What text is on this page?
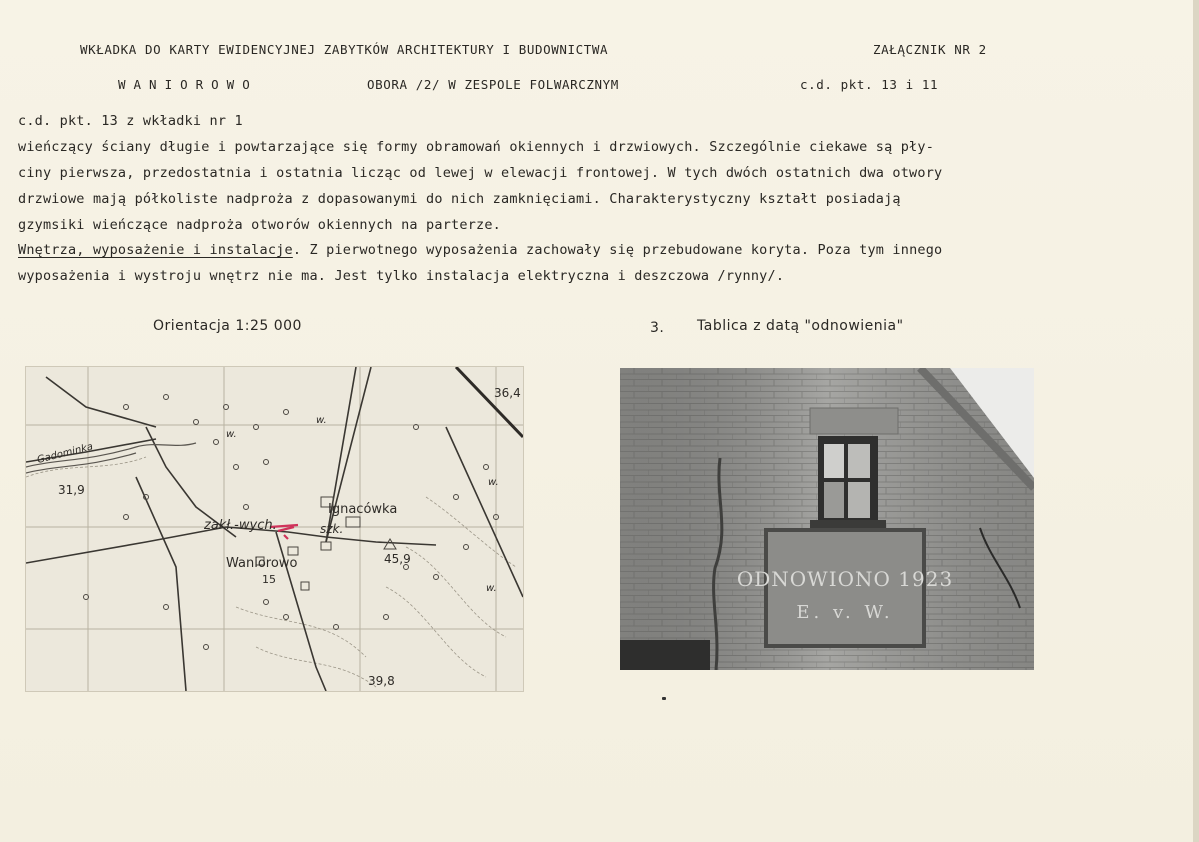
WKŁADKA DO KARTY EWIDENCYJNEJ ZABYTKÓW ARCHITEKTURY I BUDOWNICTWA	ZAŁĄCZNIK NR 2
WANIOROWO	OBORA /2/ W ZESPOLE FOLWARCZNYM	c.d. pkt. 13 i 11
c.d. pkt. 13 z wkładki nr 1
wieńczący ściany długie i powtarzające się formy obramowań okiennych i drzwiowych. Szczególnie ciekawe są pły-
ciny pierwsza, przedostatnia i ostatnia licząc od lewej w elewacji frontowej. W tych dwóch ostatnich dwa otwory
drzwiowe mają półkoliste nadproża z dopasowanymi do nich zamknięciami. Charakterystyczny kształt posiadają
gzymsiki wieńczące nadproża otworów okiennych na parterze.
Wnętrza, wyposażenie i instalacje. Z pierwotnego wyposażenia zachowały się przebudowane koryta. Poza tym innego
wyposażenia i wystroju wnętrz nie ma. Jest tylko instalacja elektryczna i deszczowa /rynny/.
Orientacja 1:25 000	3. Tablica z datą "odnowienia"
Gadominka
36,4
31,9
Ignacówka
zakł.-wych.	szk.
45,9
Waniorowo
15
39,8
w.
w.
w.
w.	ODNOWIONO 1923
E. v. W.
